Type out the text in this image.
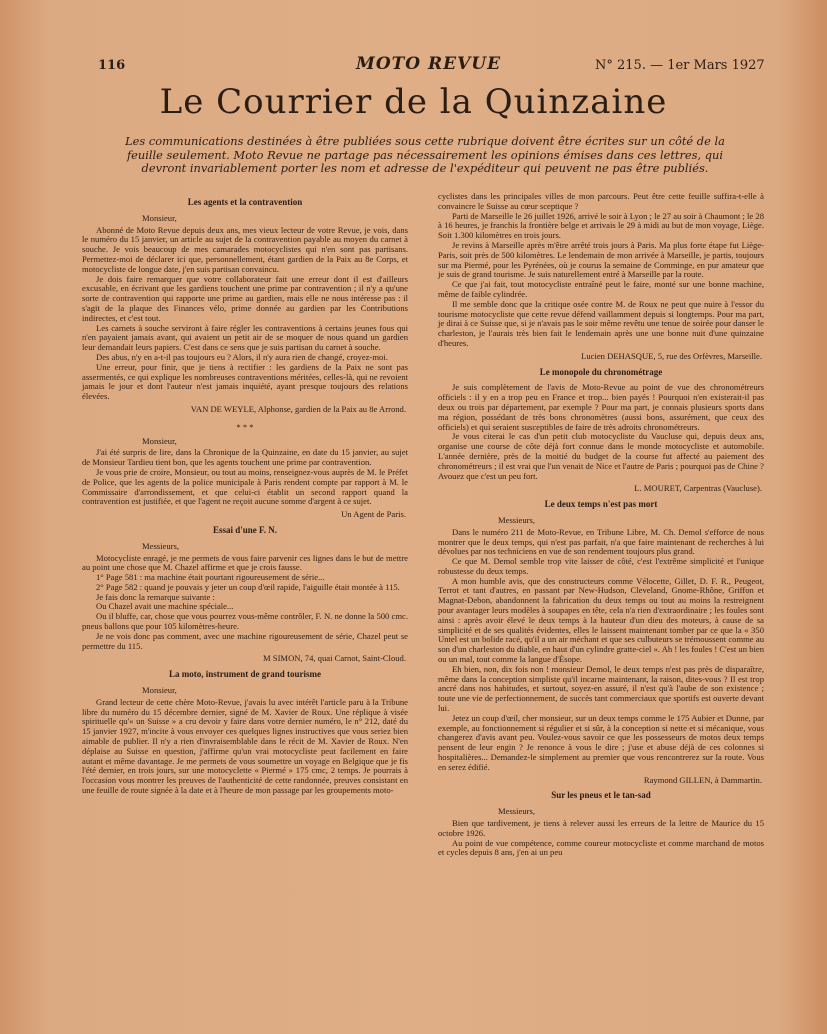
116	MOTO REVUE	N° 215. — 1er Mars 1927
Le Courrier de la Quinzaine
Les communications destinées à être publiées sous cette rubrique doivent être écrites sur un côté de la feuille seulement. Moto Revue ne partage pas nécessairement les opinions émises dans ces lettres, qui devront invariablement porter les nom et adresse de l'expéditeur qui peuvent ne pas être publiés.
Les agents et la contravention
Monsieur,

Abonné de Moto Revue depuis deux ans, mes vieux lecteur de votre Revue, je vois, dans le numéro du 15 janvier, un article au sujet de la contravention payable au moyen du carnet à souche. Je vois beaucoup de mes camarades motocyclistes qui n'en sont pas partisans. Permettez-moi de déclarer ici que, personnellement, étant gardien de la Paix au 8e Corps, et motocycliste de longue date, j'en suis partisan convaincu.

Je dois faire remarquer que votre collaborateur fait une erreur dont il est d'ailleurs excusable, en écrivant que les gardiens touchent une prime par contravention ; il n'y a qu'une sorte de contravention qui rapporte une prime au gardien, mais elle ne nous intéresse pas : il s'agit de la plaque des Finances vélo, prime donnée au gardien par les Contributions indirectes, et c'est tout.

Les carnets à souche serviront à faire régler les contraventions à certains jeunes fous qui n'en payaient jamais avant, qui avaient un petit air de se moquer de nous quand un gardien leur demandait leurs papiers. C'est dans ce sens que je suis partisan du carnet à souche.

Des abus, n'y en a-t-il pas toujours eu ? Alors, il n'y aura rien de changé, croyez-moi.

Une erreur, pour finir, que je tiens à rectifier : les gardiens de la Paix ne sont pas assermentés, ce qui explique les nombreuses contraventions méritées, celles-là, qui ne revoient jamais le jour et dont l'auteur n'est jamais inquiété, ayant presque toujours des relations élevées.

VAN DE WEYLE, Alphonse, gardien de la Paix au 8e Arrond.
* * *
Monsieur,

J'ai été surpris de lire, dans la Chronique de la Quinzaine, en date du 15 janvier, au sujet de Monsieur Tardieu tient bon, que les agents touchent une prime par contravention.

Je vous prie de croire, Monsieur, ou tout au moins, renseignez-vous auprès de M. le Préfet de Police, que les agents de la police municipale à Paris rendent compte par rapport à M. le Commissaire d'arrondissement, et que celui-ci établit un second rapport quand la contravention est justifiée, et que l'agent ne reçoit aucune somme d'argent à ce sujet.

Un Agent de Paris.
Essai d'une F. N.
Messieurs,

Motocycliste enragé, je me permets de vous faire parvenir ces lignes dans le but de mettre au point une chose que M. Chazel affirme et que je crois fausse.

1° Page 581 : ma machine était pourtant rigoureusement de série...

2° Page 582 : quand je pouvais y jeter un coup d'œil rapide, l'aiguille était montée à 115.

Je fais donc la remarque suivante :

Ou Chazel avait une machine spéciale...

Ou il bluffe, car, chose que vous pourrez vous-même contrôler, F. N. ne donne la 500 cmc. pneus ballons que pour 105 kilomètres-heure.

Je ne vois donc pas comment, avec une machine rigoureusement de série, Chazel peut se permettre du 115.

M SIMON, 74, quai Carnot, Saint-Cloud.
La moto, instrument de grand tourisme
Monsieur,

Grand lecteur de cette chère Moto-Revue, j'avais lu avec intérêt l'article paru à la Tribune libre du numéro du 15 décembre dernier, signé de M. Xavier de Roux. Une réplique à visée spirituelle qu'« un Suisse » a cru devoir y faire dans votre dernier numéro, le n° 212, daté du 15 janvier 1927, m'incite à vous envoyer ces quelques lignes instructives que vous seriez bien aimable de publier. Il n'y a rien d'invraisemblable dans le récit de M. Xavier de Roux. N'en déplaise au Suisse en question, j'affirme qu'un vrai motocycliste peut facilement en faire autant et même davantage. Je me permets de vous soumettre un voyage en Belgique que je fis l'été dernier, en trois jours, sur une motocyclette « Piermé » 175 cmc, 2 temps. Je pourrais à l'occasion vous montrer les preuves de l'authenticité de cette randonnée, preuves consistant en une feuille de route signée à la date et à l'heure de mon passage par les groupements moto-

cyclistes dans les principales villes de mon parcours. Peut être cette feuille suffira-t-elle à convaincre le Suisse au cœur sceptique ?

Parti de Marseille le 26 juillet 1926, arrivé le soir à Lyon ; le 27 au soir à Chaumont ; le 28 à 16 heures, je franchis la frontière belge et arrivais le 29 à midi au but de mon voyage, Liège. Soit 1.300 kilomètres en trois jours.

Je revins à Marseille après m'être arrêté trois jours à Paris. Ma plus forte étape fut Liège-Paris, soit près de 500 kilomètres. Le lendemain de mon arrivée à Marseille, je partis, toujours sur ma Piermé, pour les Pyrénées, où je courus la semaine de Comminge, en pur amateur que je suis de grand tourisme. Je suis naturellement entré à Marseille par la route.

Ce que j'ai fait, tout motocycliste entraîné peut le faire, monté sur une bonne machine, même de faible cylindrée.

Il me semble donc que la critique osée contre M. de Roux ne peut que nuire à l'essor du tourisme motocycliste que cette revue défend vaillamment depuis si longtemps. Pour ma part, je dirai à ce Suisse que, si je n'avais pas le soir même revêtu une tenue de soirée pour danser le charleston, je l'aurais très bien fait le lendemain après une une bonne nuit d'une quinzaine d'heures.

Lucien DEHASQUE, 5, rue des Orfèvres, Marseille.
Le monopole du chronométrage

Je suis complètement de l'avis de Moto-Revue au point de vue des chronométreurs officiels : il y en a trop peu en France et trop... bien payés ! Pourquoi n'en existerait-il pas deux ou trois par département, par exemple ? Pour ma part, je connais plusieurs sports dans ma région, possédant de très bons chronomètres (aussi bons, assurément, que ceux des officiels) et qui seraient susceptibles de faire de très adroits chronométreurs.

Je vous citerai le cas d'un petit club motocycliste du Vaucluse qui, depuis deux ans, organise une course de côte déjà fort connue dans le monde motocycliste et automobile. L'année dernière, près de la moitié du budget de la course fut affecté au paiement des chronométreurs ; il est vrai que l'un venait de Nice et l'autre de Paris ; pourquoi pas de Chine ? Avouez que c'est un peu fort.

L. MOURET, Carpentras (Vaucluse).
Le deux temps n'est pas mort
Messieurs,

Dans le numéro 211 de Moto-Revue, en Tribune Libre, M. Ch. Demol s'efforce de nous montrer que le deux temps, qui n'est pas parfait, n'a que faire maintenant de recherches à lui dévolues par nos techniciens en vue de son rendement toujours plus grand.

Ce que M. Demol semble trop vite laisser de côté, c'est l'extrême simplicité et l'unique robustesse du deux temps.

A mon humble avis, que des constructeurs comme Vélocette, Gillet, D. F. R., Peugeot, Terrot et tant d'autres, en passant par New-Hudson, Cleveland, Gnome-Rhône, Griffon et Magnat-Debon, abandonnent la fabrication du deux temps ou tout au moins la restreignent pour avantager leurs modèles à soupapes en tête, cela n'a rien d'extraordinaire ; les foules sont ainsi : après avoir élevé le deux temps à la hauteur d'un dieu des moteurs, à cause de sa simplicité et de ses qualités évidentes, elles le laissent maintenant tomber par ce que la « 350 Untel est un bolide racé, qu'il a un air méchant et que ses culbuteurs se trémoussent comme au son d'un charleston du diable, en haut d'un cylindre gratte-ciel ». Ah ! les foules ! C'est un bien ou un mal, tout comme la langue d'Ésope.

Eh bien, non, dix fois non ! monsieur Demol, le deux temps n'est pas près de disparaître, même dans la conception simpliste qu'il incarne maintenant, la raison, dites-vous ? Il est trop ancré dans nos habitudes, et surtout, soyez-en assuré, il n'est qu'à l'aube de son existence ; toute une vie de perfectionnement, de succès tant commerciaux que sportifs est ouverte devant lui.

Jetez un coup d'œil, cher monsieur, sur un deux temps comme le 175 Aubier et Dunne, par exemple, au fonctionnement si régulier et si sûr, à la conception si nette et si mécanique, vous changerez d'avis avant peu. Voulez-vous savoir ce que les possesseurs de motos deux temps pensent de leur engin ? Je renonce à vous le dire ; j'use et abuse déjà de ces colonnes si hospitalières... Demandez-le simplement au premier que vous rencontrerez sur la route. Vous en serez édifié.

Raymond GILLEN, à Dammartin.
Sur les pneus et le tan-sad
Messieurs,

Bien que tardivement, je tiens à relever aussi les erreurs de la lettre de Maurice du 15 octobre 1926.

Au point de vue compétence, comme coureur motocycliste et comme marchand de motos et cycles depuis 8 ans, j'en ai un peu
